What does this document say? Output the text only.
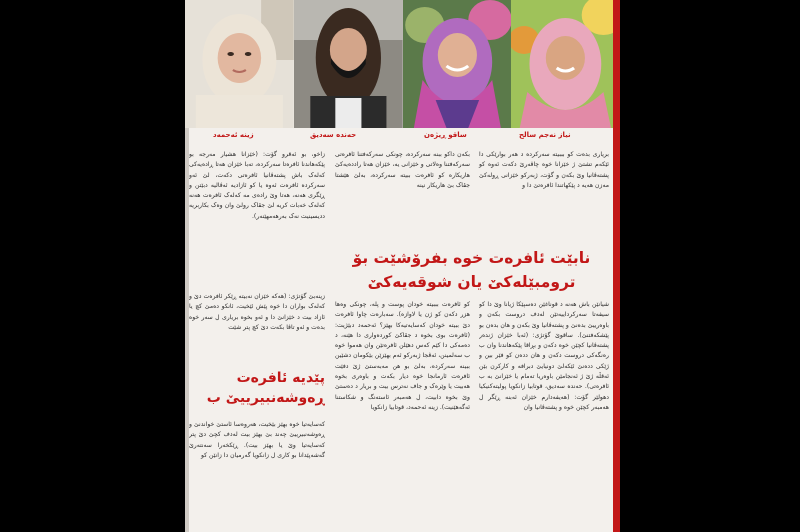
نیاز نەجم سالح
ساقو ڕیژەن
حەندە سەدیق
زینە ئەحمەد

بریاری بدەت کو بببیتە سەرکردە د هەر بوارێکی دا ئێکەم تشتێ ژ خێزانا خوە چاڤەرێ دکەت ئەوە کو پشتەڤانیا وێ بکەن و گۆت، ژبەرکو خێزانی ڕولەکێ مەزن هەیە د پێکهاتندا ئافرەتێ دا و

بکەن داکو ببنە سەرکردە، چونکی سەرکەفتنا ئافرەتی سەرکەفتنا وەلاتی و خێزانی یە، خێزان هەتا راددەیەکێ هاریکارە کو ئافرەت ببیتە سەرکردە، بەلێ هێشتا جڤاک بێ هاریکار نینە

زاخو، بو ئەقرو گۆت: (خێزانا هشیار مەرجە بو پێکەهاندنا ئافرەتا سەرکردە، تەبا خێزان هەتا ڕادەیەکی کەلەک باش پشتەڤانیا ئافرەتی دکەت، لێ ئەو سەرکردە ئافرەت ئەوە یا کو ئازادیە ئەڤالیە دبێتن و ڕێگری هەنە، هەتا وێ رادەی مە کەلەک ئافرەت هەنە کەلەک خەبات کریە لێ جڤاک رولێ وان وەک بکاربریە ددیسینیت نەک بەرهەمهێنەر).

نابێت ئافرەت خوە بفرۆشێت بۆ ترومبێلەکێ یان شوقەیەکێ

زینەبێ گۆتژی: (هەکە خێزان نەبیتە ڕێکر ئافرەت دێ و کەلەک بواران دا خوە پێش ئێخیت، ئانکو دەمێ کچ یا ئازاد بیت د خێزانێ دا و ئەو بخوە بریاری ل سەر خوە بدەت و ئەو تاڤا بکەت دێ کچ پتر شێت

پێدیە ئافرەت ڕەوشەنبیرییێ ب

شیانێن باش هەنە د قوناغێن دەسپێکا ژیانا وێ دا کو سیفەتا سەرکرداییەتێن لەدف دروست بکەن و باوەرییێ بدەنێ و پشتەڤانیا وێ بکەن و هان بدەن بو پێشکەفتنێ). ساقوێ گۆتژی: (ئەبا خێزان ژندەر پشتەڤانیا کچێن خوە دکەن و بڕاقا پێکەهاندنا وان ب رەنگەکی دروست دکەن و هان ددەن کو فێر بین و ژێکی ددەنێ ئێکەلێ دونیایێ دبرافە و کارکرن بێن ئەقڵە ژێ ژ ئەنجامێن باوەریا تەمام یا خێزانێ بە ب ئافرەتی). حەندە سەدیق، قوتابیا زانکویا پولیتەکنیکیا دهولێر گۆت: (هەیفەدارم خێزان ئەبنە ڕێگر ل هەمبەر کچێن خوە و پشتەڤانیا وان

کو ئافرەت بببیتە خودان پوست و پلە، چونکی وەها هزر دکەن کو ژن یا لاوازە). سەبارەت چاوا ئافرەت دێ ببیتە خودان کەسایەتیەکا بهێز؟ ئەحمەد دبێژیت: (ئافرەت بوی بخوە د جڤاکێ کوردەواری دا هێنە، د دەمەکی دا کێم کەس دهێلن ئافرەتێن وان هەموا خوە ب سەلمینن، ئەڤجا ژبەرکو ئەم بهێزێن بێکومان دشێین ببینە سەرکردە، بەلێ بو هن مەبەستێ ژێ دفێت ئافرەت ئارمانجا خوە دیار بکەت و باوەری بخوە هەبیت یا وێرەک و جاف نەترس بیت و بریار د دەستێ وێ بخوە دابیت، ل هەمبەر ئاستەنگ و شکاستنا ئەگەهێنیت). زینە ئەحمەد، قوتابیا زانکویا

کەسایەتیا خوە بهێز بێخیت، هەروەسا ئاستێ خواندنێ و ڕەوشەنبیرییێ چەند بێ بهێز بیت لەدف کچێ دێ پتر کەسایەتیا وێ یا بهێز بیت). ڕێکخەرا سەنتەرێ گەشەپێدانا بو کاری ل زانکویا گەرمیان دا زانێن کو
